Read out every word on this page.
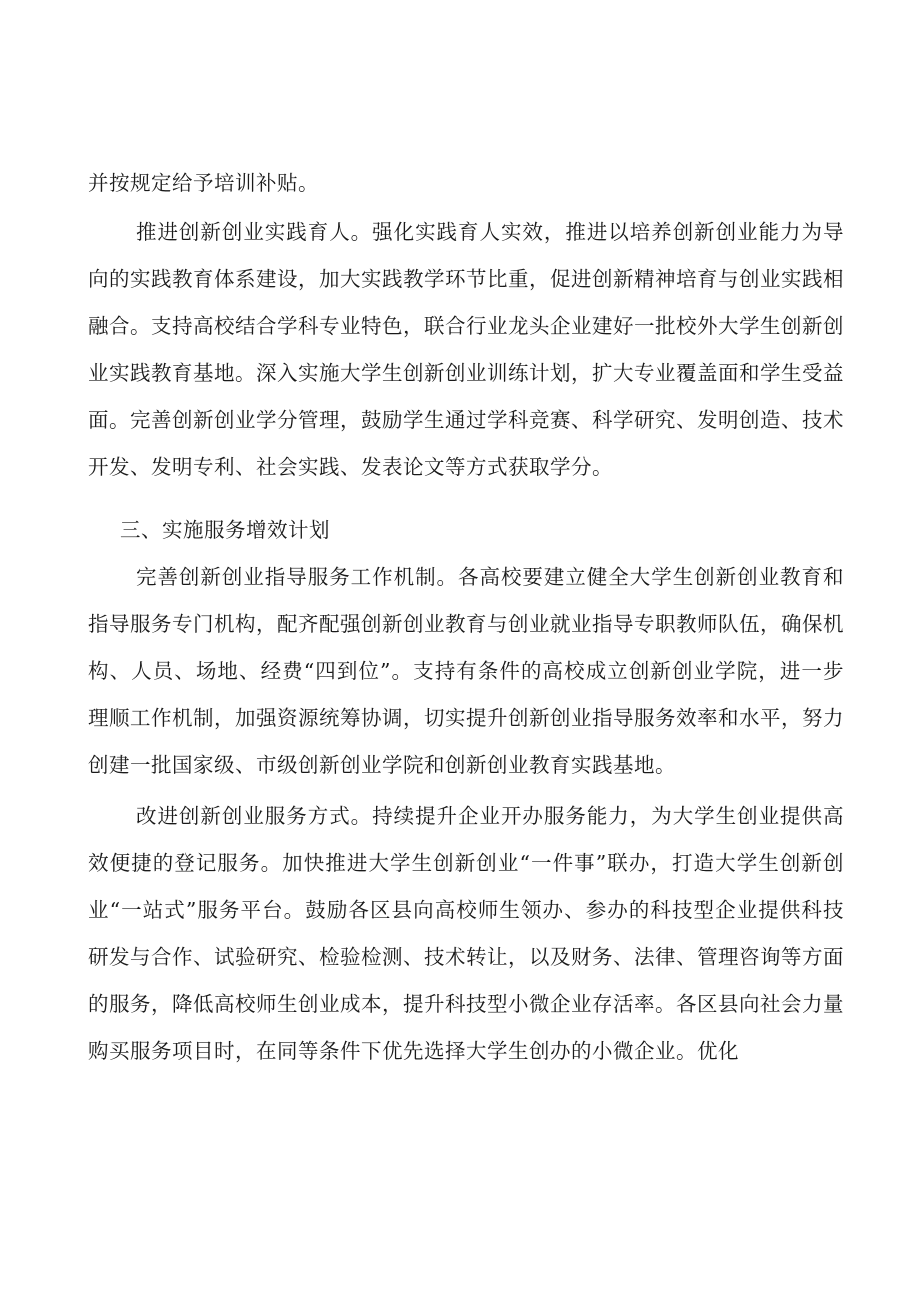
并按规定给予培训补贴。

推进创新创业实践育人。强化实践育人实效，推进以培养创新创业能力为导向的实践教育体系建设，加大实践教学环节比重，促进创新精神培育与创业实践相融合。支持高校结合学科专业特色，联合行业龙头企业建好一批校外大学生创新创业实践教育基地。深入实施大学生创新创业训练计划，扩大专业覆盖面和学生受益面。完善创新创业学分管理，鼓励学生通过学科竞赛、科学研究、发明创造、技术开发、发明专利、社会实践、发表论文等方式获取学分。

三、实施服务增效计划

完善创新创业指导服务工作机制。各高校要建立健全大学生创新创业教育和指导服务专门机构，配齐配强创新创业教育与创业就业指导专职教师队伍，确保机构、人员、场地、经费“四到位”。支持有条件的高校成立创新创业学院，进一步理顺工作机制，加强资源统筹协调，切实提升创新创业指导服务效率和水平，努力创建一批国家级、市级创新创业学院和创新创业教育实践基地。

改进创新创业服务方式。持续提升企业开办服务能力，为大学生创业提供高效便捷的登记服务。加快推进大学生创新创业“一件事”联办，打造大学生创新创业“一站式”服务平台。鼓励各区县向高校师生领办、参办的科技型企业提供科技研发与合作、试验研究、检验检测、技术转让，以及财务、法律、管理咨询等方面的服务，降低高校师生创业成本，提升科技型小微企业存活率。各区县向社会力量购买服务项目时，在同等条件下优先选择大学生创办的小微企业。优化
